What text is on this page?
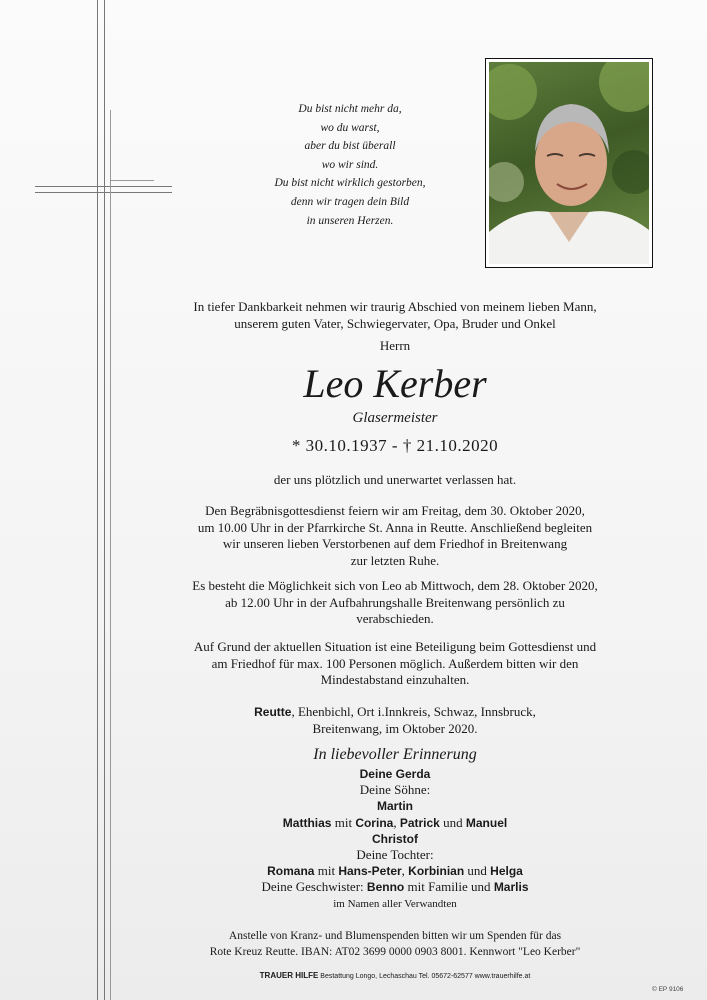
Du bist nicht mehr da,
wo du warst,
aber du bist überall
wo wir sind.
Du bist nicht wirklich gestorben,
denn wir tragen dein Bild
in unseren Herzen.
In tiefer Dankbarkeit nehmen wir traurig Abschied von meinem lieben Mann,
unserem guten Vater, Schwiegervater, Opa, Bruder und Onkel
Herrn
Leo Kerber
Glasermeister
* 30.10.1937 - † 21.10.2020
der uns plötzlich und unerwartet verlassen hat.
Den Begräbnisgottesdienst feiern wir am Freitag, dem 30. Oktober 2020,
um 10.00 Uhr in der Pfarrkirche St. Anna in Reutte. Anschließend begleiten
wir unseren lieben Verstorbenen auf dem Friedhof in Breitenwang
zur letzten Ruhe.
Es besteht die Möglichkeit sich von Leo ab Mittwoch, dem 28. Oktober 2020,
ab 12.00 Uhr in der Aufbahrungshalle Breitenwang persönlich zu
verabschieden.
Auf Grund der aktuellen Situation ist eine Beteiligung beim Gottesdienst und
am Friedhof für max. 100 Personen möglich. Außerdem bitten wir den
Mindestabstand einzuhalten.
Reutte, Ehenbichl, Ort i.Innkreis, Schwaz, Innsbruck,
Breitenwang, im Oktober 2020.
In liebevoller Erinnerung
Deine Gerda
Deine Söhne:
Martin
Matthias mit Corina, Patrick und Manuel
Christof
Deine Tochter:
Romana mit Hans-Peter, Korbinian und Helga
Deine Geschwister: Benno mit Familie und Marlis
im Namen aller Verwandten
Anstelle von Kranz- und Blumenspenden bitten wir um Spenden für das
Rote Kreuz Reutte. IBAN: AT02 3699 0000 0903 8001. Kennwort "Leo Kerber"
TRAUER HILFE Bestattung Longo, Lechaschau Tel. 05672-62577 www.trauerhilfe.at
© EP 9106
